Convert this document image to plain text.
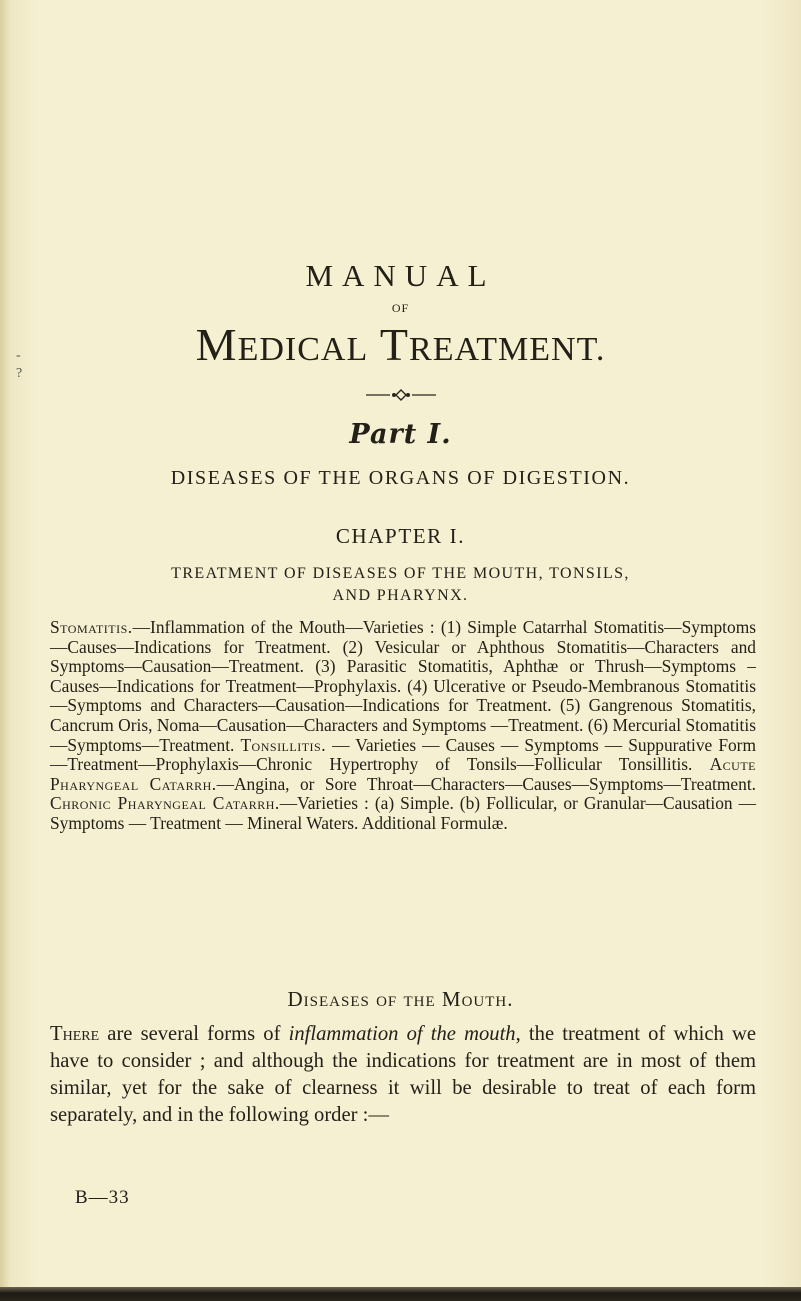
-
?
MANUAL
OF
MEDICAL TREATMENT.
Part I.
DISEASES OF THE ORGANS OF DIGESTION.
CHAPTER I.
TREATMENT OF DISEASES OF THE MOUTH, TONSILS,
AND PHARYNX.

Stomatitis.—Inflammation of the Mouth—Varieties : (1) Simple Catarrhal Stomatitis—Symptoms—Causes—Indications for Treatment. (2) Vesicular or Aphthous Stomatitis—Characters and Symptoms—Causation—Treatment. (3) Parasitic Stomatitis, Aphthæ or Thrush—Symptoms – Causes—Indications for Treatment—Prophylaxis. (4) Ulcerative or Pseudo-Membranous Stomatitis—Symptoms and Characters—Causation—Indications for Treatment. (5) Gangrenous Stomatitis, Cancrum Oris, Noma—Causation—Characters and Symptoms —Treatment. (6) Mercurial Stomatitis—Symptoms—Treatment. Tonsillitis. — Varieties — Causes — Symptoms — Suppurative Form—Treatment—Prophylaxis—Chronic Hypertrophy of Tonsils—Follicular Tonsillitis. Acute Pharyngeal Catarrh.—Angina, or Sore Throat—Characters—Causes—Symptoms—Treatment. Chronic Pharyngeal Catarrh.—Varieties : (a) Simple. (b) Follicular, or Granular—Causation — Symptoms — Treatment — Mineral Waters. Additional Formulæ.

Diseases of the Mouth.

There are several forms of inflammation of the mouth, the treatment of which we have to consider ; and although the indications for treatment are in most of them similar, yet for the sake of clearness it will be desirable to treat of each form separately, and in the following order :—

B—33
